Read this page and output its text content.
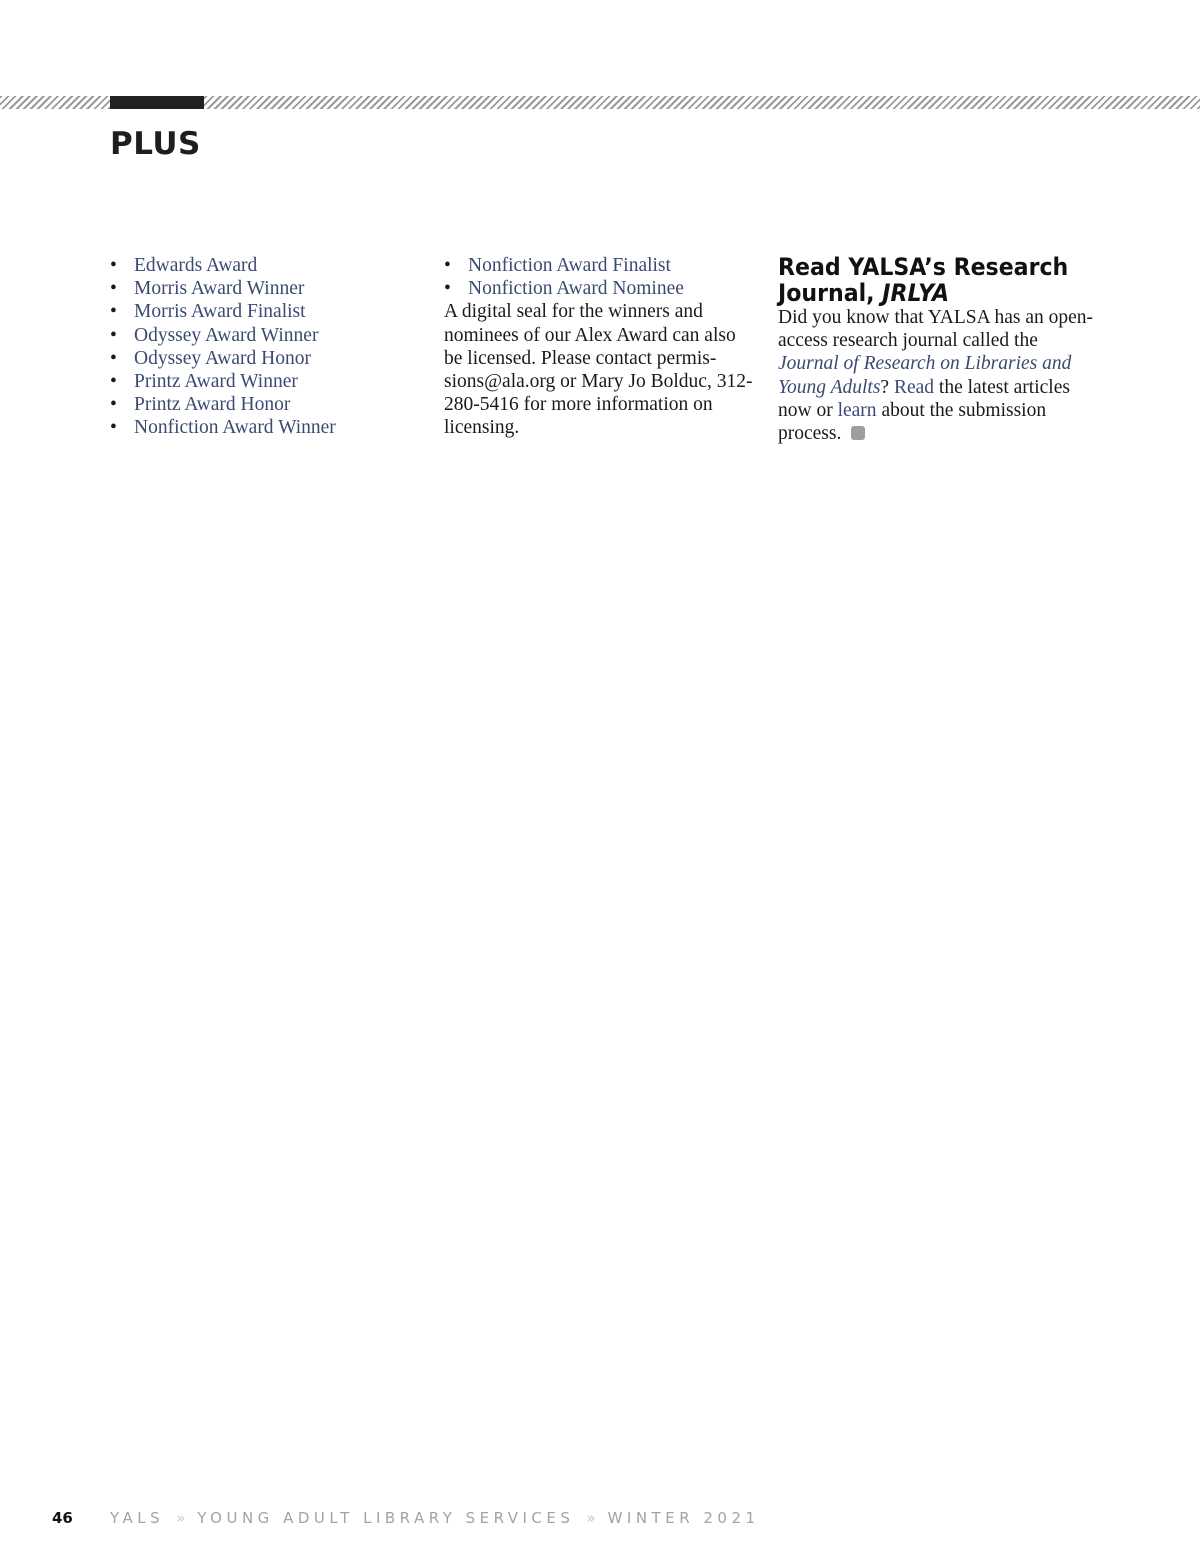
PLUS
• Edwards Award
• Morris Award Winner
• Morris Award Finalist
• Odyssey Award Winner
• Odyssey Award Honor
• Printz Award Winner
• Printz Award Honor
• Nonfiction Award Winner
• Nonfiction Award Finalist
• Nonfiction Award Nominee

A digital seal for the winners and nominees of our Alex Award can also be licensed. Please contact permis-sions@ala.org or Mary Jo Bolduc, 312-280-5416 for more information on licensing.

Read YALSA’s Research
Journal, JRLYA

Did you know that YALSA has an open-access research journal called the Journal of Research on Libraries and Young Adults? Read the latest articles now or learn about the submission process.

46 YALS » YOUNG ADULT LIBRARY SERVICES » WINTER 2021
